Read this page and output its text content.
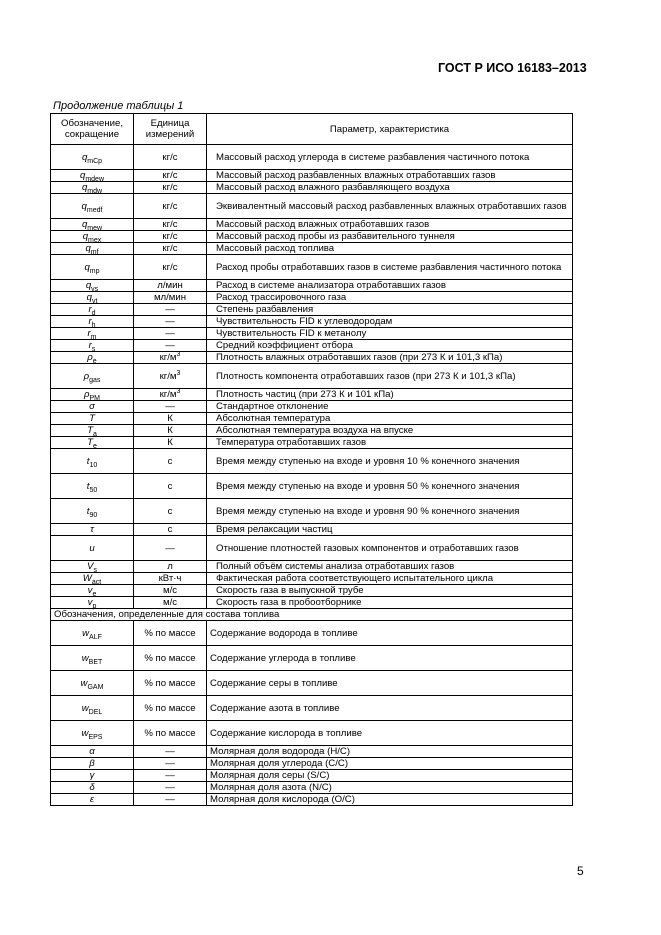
ГОСТ Р ИСО 16183–2013
Продолжение таблицы 1
Обозначение, сокращение	Единица измерений	Параметр, характеристика
$q_{mCp}$	кг/с	Массовый расход углерода в системе разбавления частичного потока
$q_{mdew}$	кг/с	Массовый расход разбавленных влажных отработавших газов
$q_{mdw}$	кг/с	Массовый расход влажного разбавляющего воздуха
$q_{medf}$	кг/с	Эквивалентный массовый расход разбавленных влажных отработавших газов
$q_{mew}$	кг/с	Массовый расход влажных отработавших газов
$q_{mex}$	кг/с	Массовый расход пробы из разбавительного туннеля
$q_{mf}$	кг/с	Массовый расход топлива
$q_{mp}$	кг/с	Расход пробы отработавших газов в системе разбавления частичного потока
$q_{vs}$	л/мин	Расход в системе анализатора отработавших газов
$q_{vt}$	мл/мин	Расход трассировочного газа
$r_d$	—	Степень разбавления
$r_h$	—	Чувствительность FID к углеводородам
$r_m$	—	Чувствительность FID к метанолу
$r_s$	—	Средний коэффициент отбора
$\rho_e$	$кг/м^3$	Плотность влажных отработавших газов (при 273 К и 101,3 кПа)
$\rho_{gas}$	$кг/м^3$	Плотность компонента отработавших газов (при 273 К и 101,3 кПа)
$\rho_{PM}$	$кг/м^3$	Плотность частиц (при 273 К и 101 кПа)
σ	—	Стандартное отклонение
T	К	Абсолютная температура
$T_a$	К	Абсолютная температура воздуха на впуске
$T_e$	К	Температура отработавших газов
$t_{10}$	с	Время между ступенью на входе и уровня 10 % конечного значения
$t_{50}$	с	Время между ступенью на входе и уровня 50 % конечного значения
$t_{90}$	с	Время между ступенью на входе и уровня 90 % конечного значения
τ	с	Время релаксации частиц
u	—	Отношение плотностей газовых компонентов и отработавших газов
$V_s$	л	Полный объём системы анализа отработавших газов
$W_{act}$	кВт·ч	Фактическая работа соответствующего испытательного цикла
$v_e$	м/с	Скорость газа в выпускной трубе
$v_p$	м/с	Скорость газа в пробоотборнике
Обозначения, определенные для состава топлива		
$w_{ALF}$	% по массе	Содержание водорода в топливе
$w_{BET}$	% по массе	Содержание углерода в топливе
$w_{GAM}$	% по массе	Содержание серы в топливе
$w_{DEL}$	% по массе	Содержание азота в топливе
$w_{EPS}$	% по массе	Содержание кислорода в топливе
α	—	Молярная доля водорода (H/C)
β	—	Молярная доля углерода (C/C)
γ	—	Молярная доля серы (S/C)
δ	—	Молярная доля азота (N/C)
ε	—	Молярная доля кислорода (O/C)
5
